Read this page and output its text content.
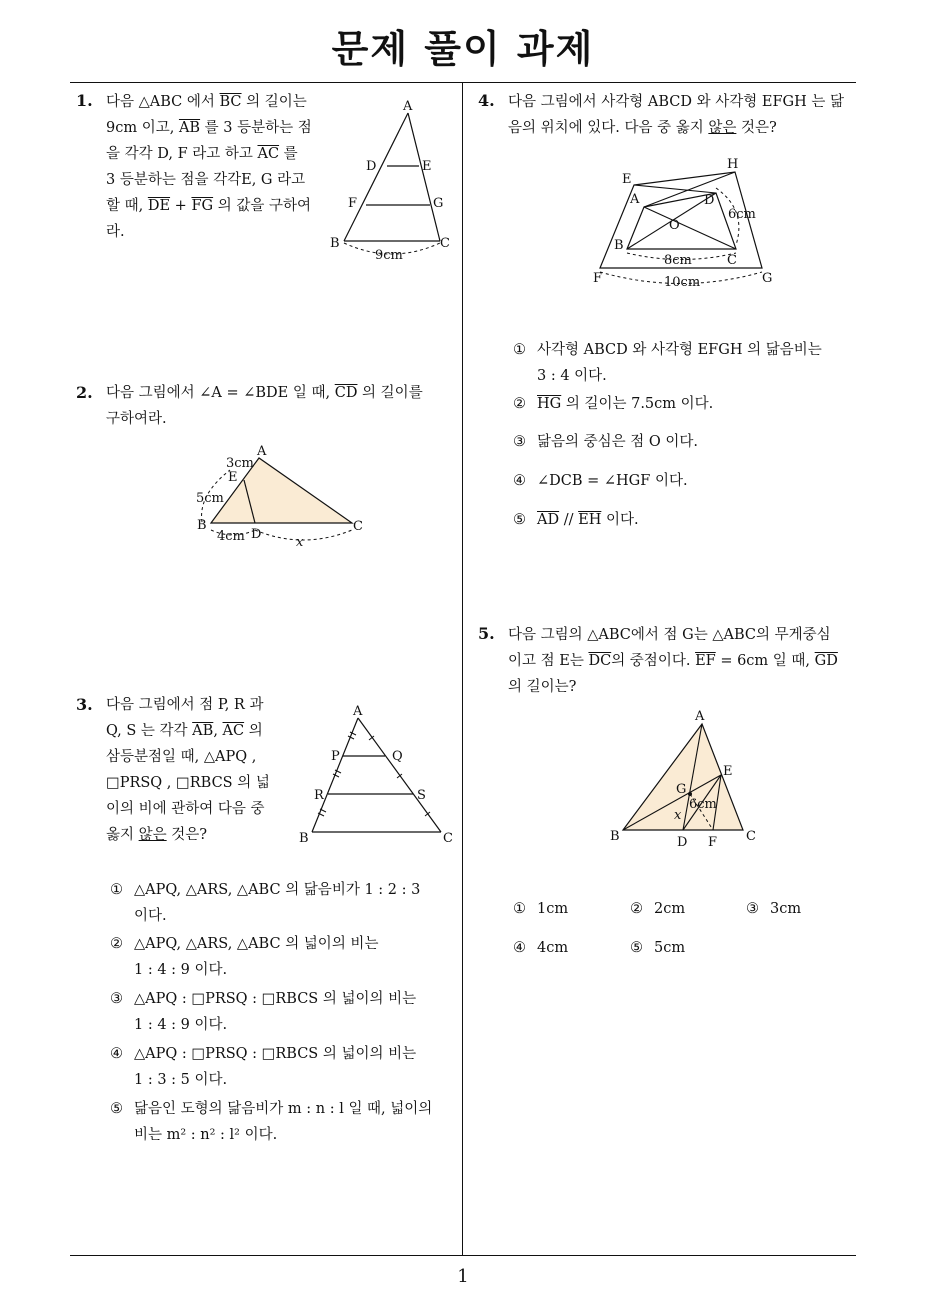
문제 풀이 과제
1
1. 다음 △ABC 에서 $\overline{BC}$ 의 길이는
9cm 이고, $\overline{AB}$ 를 3 등분하는 점
을 각각 D, F 라고 하고 $\overline{AC}$ 를
3 등분하는 점을 각각E, G 라고
할 때, $\overline{DE} + \overline{FG}$ 의 값을 구하여
라.
A
D	E
F	G
B	C
9cm
2. 다음 그림에서 ∠A = ∠BDE 일 때, $\overline{CD}$ 의 길이를
구하여라.
A
E
B
D
C
3cm
5cm
4cm	x
3. 다음 그림에서 점 P, R 과
Q, S 는 각각 $\overline{AB}$, $\overline{AC}$ 의
삼등분점일 때, △APQ ,
□PRSQ , □RBCS 의 넓
이의 비에 관하여 다음 중
옳지 않은 것은?
A
P	Q
R	S
B	C
① △APQ, △ARS, △ABC 의 닮음비가 1 : 2 : 3
이다.
② △APQ, △ARS, △ABC 의 넓이의 비는
1 : 4 : 9 이다.
③ △APQ : □PRSQ : □RBCS 의 넓이의 비는
1 : 4 : 9 이다.
④ △APQ : □PRSQ : □RBCS 의 넓이의 비는
1 : 3 : 5 이다.
⑤ 닮음인 도형의 닮음비가 m : n : l 일 때, 넓이의
비는 m² : n² : l² 이다.
4. 다음 그림에서 사각형 ABCD 와 사각형 EFGH 는 닮
음의 위치에 있다. 다음 중 옳지 않은 것은?
E
H
A	D
O
B
C
F	G
6cm
8cm
10cm
① 사각형 ABCD 와 사각형 EFGH 의 닮음비는
3 : 4 이다.
② $\overline{HG}$ 의 길이는 7.5cm 이다.
③ 닮음의 중심은 점 O 이다.
④ ∠DCB = ∠HGF 이다.
⑤ $\overline{AD} // \overline{EH}$ 이다.
5. 다음 그림의 △ABC에서 점 G는 △ABC의 무게중심
이고 점 E는 $\overline{DC}$의 중점이다. $\overline{EF} = 6cm$ 일 때, $\overline{GD}$
의 길이는?
A
E
G
B	D F C
6cm
x
① 1cm	② 2cm	③ 3cm
④ 4cm	⑤ 5cm
